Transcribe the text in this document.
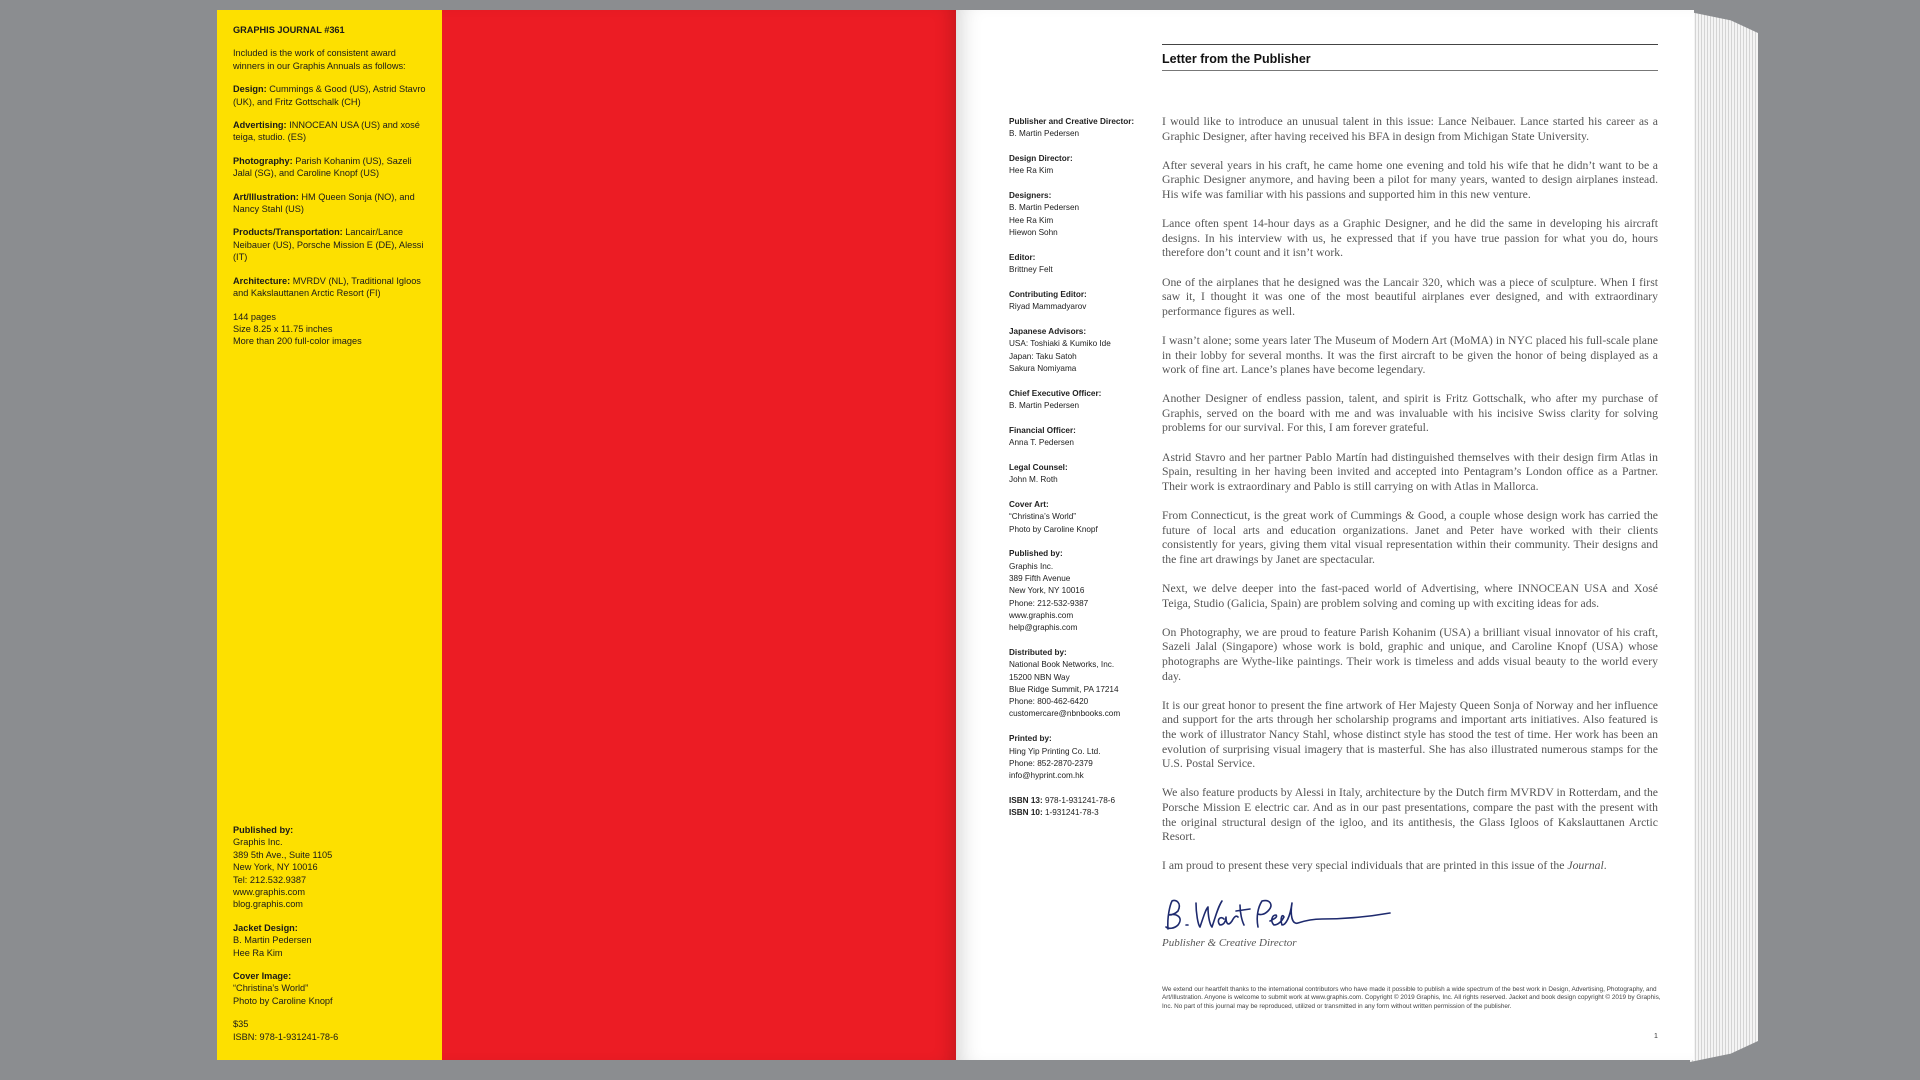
GRAPHIS JOURNAL #361
Included is the work of consistent award winners in our Graphis Annuals as follows:
Design: Cummings & Good (US), Astrid Stavro (UK), and Fritz Gottschalk (CH)
Advertising: INNOCEAN USA (US) and xosé teiga, studio. (ES)
Photography: Parish Kohanim (US), Sazeli Jalal (SG), and Caroline Knopf (US)
Art/Illustration: HM Queen Sonja (NO), and Nancy Stahl (US)
Products/Transportation: Lancair/Lance Neibauer (US), Porsche Mission E (DE), Alessi (IT)
Architecture: MVRDV (NL), Traditional Igloos and Kakslauttanen Arctic Resort (FI)
144 pages
Size 8.25 x 11.75 inches
More than 200 full-color images
Published by:
Graphis Inc.
389 5th Ave., Suite 1105
New York, NY 10016
Tel: 212.532.9387
www.graphis.com
blog.graphis.com
Jacket Design:
B. Martin Pedersen
Hee Ra Kim
Cover Image:
“Christina’s World”
Photo by Caroline Knopf
$35
ISBN: 978-1-931241-78-6
Letter from the Publisher
Publisher and Creative Director:
B. Martin Pedersen
Design Director:
Hee Ra Kim
Designers:
B. Martin Pedersen
Hee Ra Kim
Hiewon Sohn
Editor:
Brittney Felt
Contributing Editor:
Riyad Mammadyarov
Japanese Advisors:
USA: Toshiaki & Kumiko Ide
Japan: Taku Satoh
Sakura Nomiyama
Chief Executive Officer:
B. Martin Pedersen
Financial Officer:
Anna T. Pedersen
Legal Counsel:
John M. Roth
Cover Art:
“Christina’s World”
Photo by Caroline Knopf
Published by:
Graphis Inc.
389 Fifth Avenue
New York, NY 10016
Phone: 212-532-9387
www.graphis.com
help@graphis.com
Distributed by:
National Book Networks, Inc.
15200 NBN Way
Blue Ridge Summit, PA 17214
Phone: 800-462-6420
customercare@nbnbooks.com
Printed by:
Hing Yip Printing Co. Ltd.
Phone: 852-2870-2379
info@hyprint.com.hk
ISBN 13: 978-1-931241-78-6
ISBN 10: 1-931241-78-3

I would like to introduce an unusual talent in this issue: Lance Neibauer. Lance started his career as a Graphic Designer, after having received his BFA in design from Michigan State University.

After several years in his craft, he came home one evening and told his wife that he didn’t want to be a Graphic Designer anymore, and having been a pilot for many years, wanted to design airplanes instead. His wife was familiar with his passions and supported him in this new venture.

Lance often spent 14-hour days as a Graphic Designer, and he did the same in developing his aircraft designs. In his interview with us, he expressed that if you have true passion for what you do, hours therefore don’t count and it isn’t work.

One of the airplanes that he designed was the Lancair 320, which was a piece of sculpture. When I first saw it, I thought it was one of the most beautiful airplanes ever designed, and with extraordinary performance figures as well.

I wasn’t alone; some years later The Museum of Modern Art (MoMA) in NYC placed his full-scale plane in their lobby for several months. It was the first aircraft to be given the honor of being displayed as a work of fine art. Lance’s planes have become legendary.

Another Designer of endless passion, talent, and spirit is Fritz Gottschalk, who after my purchase of Graphis, served on the board with me and was invaluable with his incisive Swiss clarity for solving problems for our survival. For this, I am forever grateful.

Astrid Stavro and her partner Pablo Martín had distinguished themselves with their design firm Atlas in Spain, resulting in her having been invited and accepted into Pentagram’s London office as a Partner. Their work is extraordinary and Pablo is still carrying on with Atlas in Mallorca.

From Connecticut, is the great work of Cummings & Good, a couple whose design work has carried the future of local arts and education organizations. Janet and Peter have worked with their clients consistently for years, giving them vital visual representation within their community. Their designs and the fine art drawings by Janet are spectacular.

Next, we delve deeper into the fast-paced world of Advertising, where INNOCEAN USA and Xosé Teiga, Studio (Galicia, Spain) are problem solving and coming up with exciting ideas for ads.

On Photography, we are proud to feature Parish Kohanim (USA) a brilliant visual innovator of his craft, Sazeli Jalal (Singapore) whose work is bold, graphic and unique, and Caroline Knopf (USA) whose photographs are Wythe-like paintings. Their work is timeless and adds visual beauty to the world every day.

It is our great honor to present the fine artwork of Her Majesty Queen Sonja of Norway and her influence and support for the arts through her scholarship programs and important arts initiatives. Also featured is the work of illustrator Nancy Stahl, whose distinct style has stood the test of time. Her work has been an evolution of surprising visual imagery that is masterful. She has also illustrated numerous stamps for the U.S. Postal Service.

We also feature products by Alessi in Italy, architecture by the Dutch firm MVRDV in Rotterdam, and the Porsche Mission E electric car. And as in our past presentations, compare the past with the present with the original structural design of the igloo, and its antithesis, the Glass Igloos of Kakslauttanen Arctic Resort.

I am proud to present these very special individuals that are printed in this issue of the Journal.

Publisher & Creative Director
We extend our heartfelt thanks to the international contributors who have made it possible to publish a wide spectrum of the best work in Design, Advertising, Photography, and Art/Illustration. Anyone is welcome to submit work at www.graphis.com. Copyright © 2019 Graphis, Inc. All rights reserved. Jacket and book design copyright © 2019 by Graphis, Inc. No part of this journal may be reproduced, utilized or transmitted in any form without written permission of the publisher.
1
